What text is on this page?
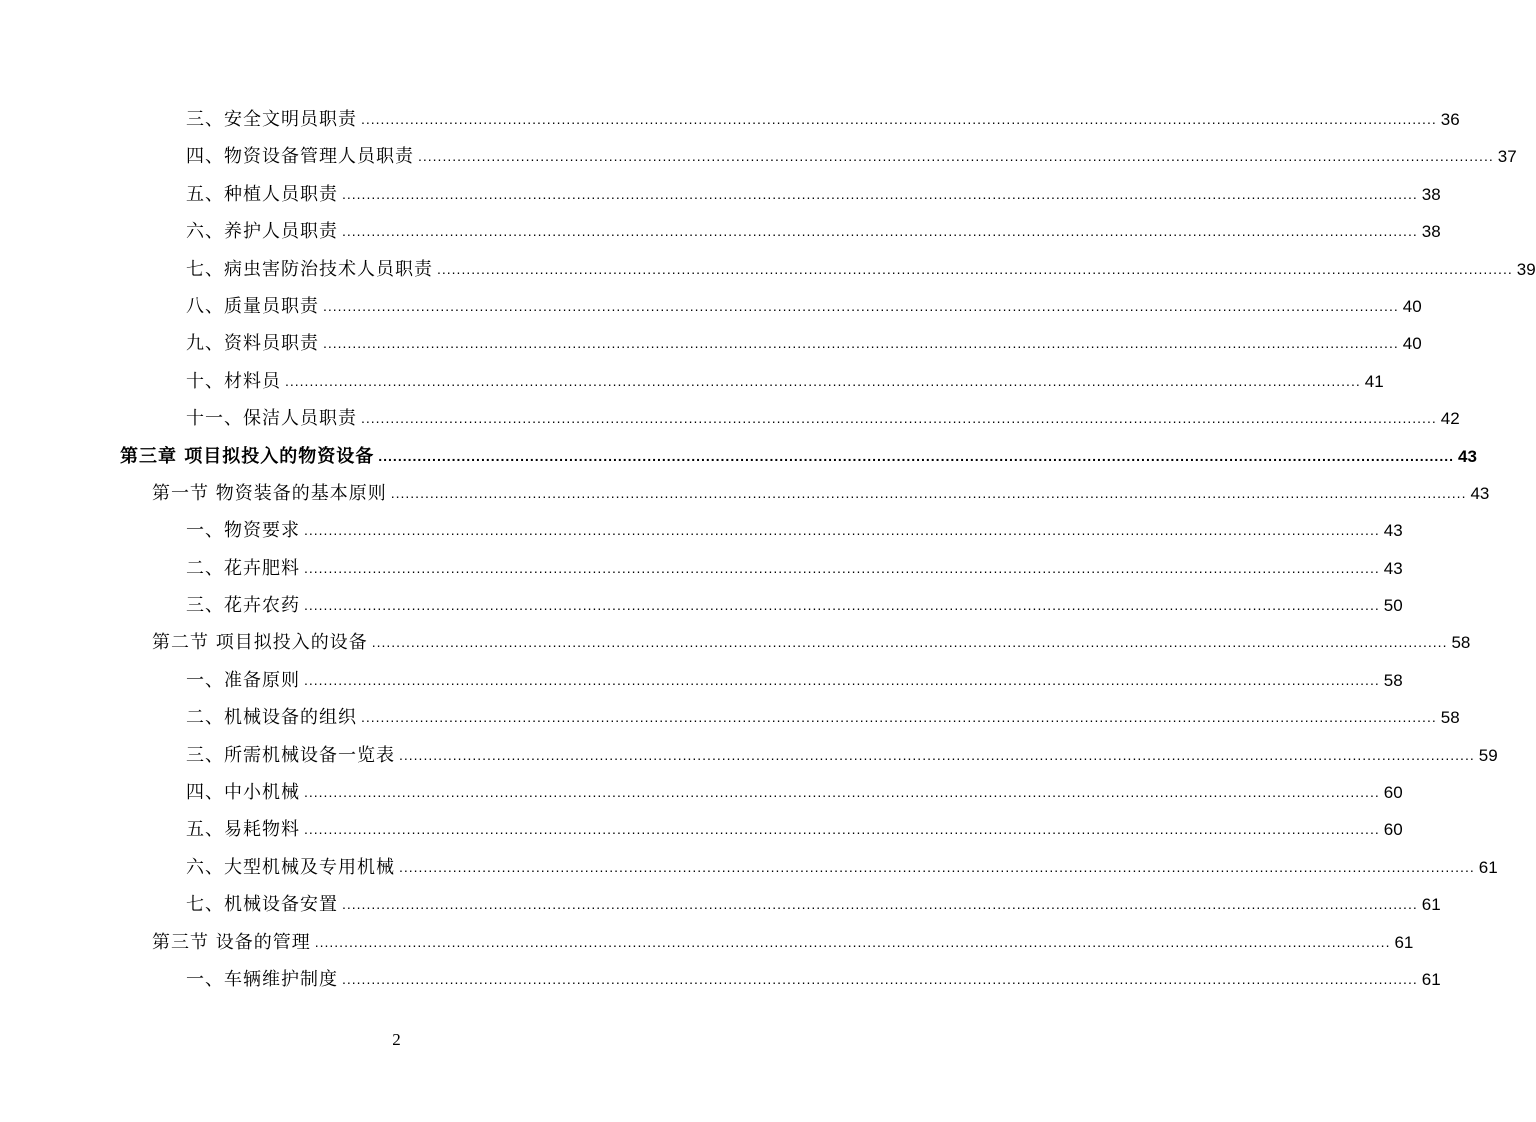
三、安全文明员职责 ............................................................................................................................................................................................................................ 36
四、物资设备管理人员职责 ............................................................................................................................................................................................................................ 37
五、种植人员职责 ............................................................................................................................................................................................................................ 38
六、养护人员职责 ............................................................................................................................................................................................................................ 38
七、病虫害防治技术人员职责 ............................................................................................................................................................................................................................ 39
八、质量员职责 ............................................................................................................................................................................................................................ 40
九、资料员职责 ............................................................................................................................................................................................................................ 40
十、材料员 ............................................................................................................................................................................................................................ 41
十一、保洁人员职责 ............................................................................................................................................................................................................................ 42
第三章 项目拟投入的物资设备 ............................................................................................................................................................................................................................ 43
第一节 物资装备的基本原则 ............................................................................................................................................................................................................................ 43
一、物资要求 ............................................................................................................................................................................................................................ 43
二、花卉肥料 ............................................................................................................................................................................................................................ 43
三、花卉农药 ............................................................................................................................................................................................................................ 50
第二节 项目拟投入的设备 ............................................................................................................................................................................................................................ 58
一、准备原则 ............................................................................................................................................................................................................................ 58
二、机械设备的组织 ............................................................................................................................................................................................................................ 58
三、所需机械设备一览表 ............................................................................................................................................................................................................................ 59
四、中小机械 ............................................................................................................................................................................................................................ 60
五、易耗物料 ............................................................................................................................................................................................................................ 60
六、大型机械及专用机械 ............................................................................................................................................................................................................................ 61
七、机械设备安置 ............................................................................................................................................................................................................................ 61
第三节 设备的管理 ............................................................................................................................................................................................................................ 61
一、车辆维护制度 ............................................................................................................................................................................................................................ 61
2
